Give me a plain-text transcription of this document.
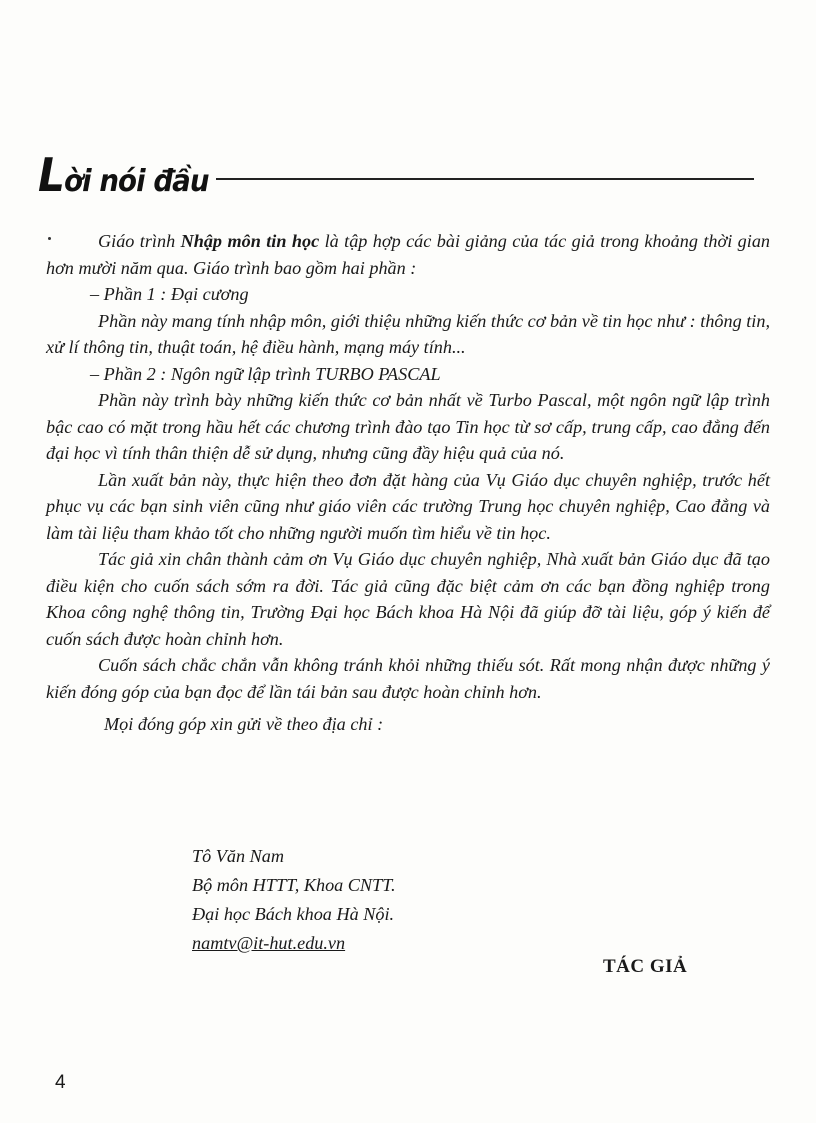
Lời nói đầu

Giáo trình Nhập môn tin học là tập hợp các bài giảng của tác giả trong khoảng thời gian hơn mười năm qua. Giáo trình bao gồm hai phần :

– Phần 1 : Đại cương

Phần này mang tính nhập môn, giới thiệu những kiến thức cơ bản về tin học như : thông tin, xử lí thông tin, thuật toán, hệ điều hành, mạng máy tính...

– Phần 2 : Ngôn ngữ lập trình TURBO PASCAL

Phần này trình bày những kiến thức cơ bản nhất về Turbo Pascal, một ngôn ngữ lập trình bậc cao có mặt trong hầu hết các chương trình đào tạo Tin học từ sơ cấp, trung cấp, cao đẳng đến đại học vì tính thân thiện dễ sử dụng, nhưng cũng đầy hiệu quả của nó.

Lần xuất bản này, thực hiện theo đơn đặt hàng của Vụ Giáo dục chuyên nghiệp, trước hết phục vụ các bạn sinh viên cũng như giáo viên các trường Trung học chuyên nghiệp, Cao đẳng và làm tài liệu tham khảo tốt cho những người muốn tìm hiểu về tin học.

Tác giả xin chân thành cảm ơn Vụ Giáo dục chuyên nghiệp, Nhà xuất bản Giáo dục đã tạo điều kiện cho cuốn sách sớm ra đời. Tác giả cũng đặc biệt cảm ơn các bạn đồng nghiệp trong Khoa công nghệ thông tin, Trường Đại học Bách khoa Hà Nội đã giúp đỡ tài liệu, góp ý kiến để cuốn sách được hoàn chỉnh hơn.

Cuốn sách chắc chắn vẫn không tránh khỏi những thiếu sót. Rất mong nhận được những ý kiến đóng góp của bạn đọc để lần tái bản sau được hoàn chỉnh hơn.

Mọi đóng góp xin gửi về theo địa chỉ :

Tô Văn Nam
Bộ môn HTTT, Khoa CNTT.
Đại học Bách khoa Hà Nội.
namtv@it-hut.edu.vn
TÁC GIẢ
4
